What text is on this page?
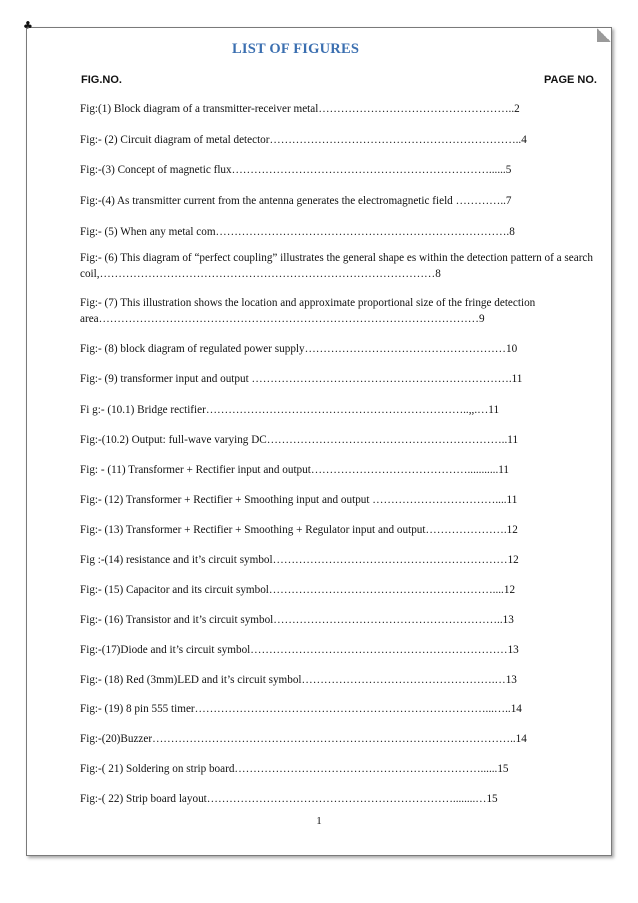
♣
LIST OF FIGURES
FIG.NO.	PAGE NO.
Fig:(1) Block diagram of a transmitter-receiver metal……………………………………………..2
Fig:- (2) Circuit diagram of metal detector…………………………………………………………..4
Fig:-(3) Concept of magnetic flux……………………………………………………………......5
Fig:-(4) As transmitter current from the antenna generates the electromagnetic field …………..7
Fig:- (5) When any metal com…………………………………………………………………….8
Fig:- (6) This diagram of “perfect coupling” illustrates the general shape es within the detection pattern of a search coil,………………………………………………………………………………8
Fig:- (7) This illustration shows the location and approximate proportional size of the fringe detection area…………………………………………………………………………………………9
Fig:- (8) block diagram of regulated power supply………………………………………………10
Fig:- (9) transformer input and output …………………………………………………………….11
Fi g:- (10.1) Bridge rectifier……………………………………………………………..,,.…11
Fig:-(10.2) Output: full-wave varying DC………………………………………………………..11
Fig: - (11) Transformer + Rectifier input and output……………………………………...........11
Fig:- (12) Transformer + Rectifier + Smoothing input and output ……………………………....11
Fig:- (13) Transformer + Rectifier + Smoothing + Regulator input and output………………….12
Fig :-(14) resistance and it’s circuit symbol………………………………………………………12
Fig:- (15) Capacitor and its circuit symbol……………………………………………………....12
Fig:- (16) Transistor and it’s circuit symbol……………………………………………………..13
Fig:-(17)Diode and it’s circuit symbol……………………………………………………………13
Fig:- (18) Red (3mm)LED and it’s circuit symbol…………………………………………….…13
Fig:- (19) 8 pin 555 timer……………………………………………………………………...…..14
Fig:-(20)Buzzer……………………………………………………………………………………..14
Fig:-( 21) Soldering on strip board…………………………………………………………......15
Fig:-( 22) Strip board layout…………………………………………………………........…15
1
